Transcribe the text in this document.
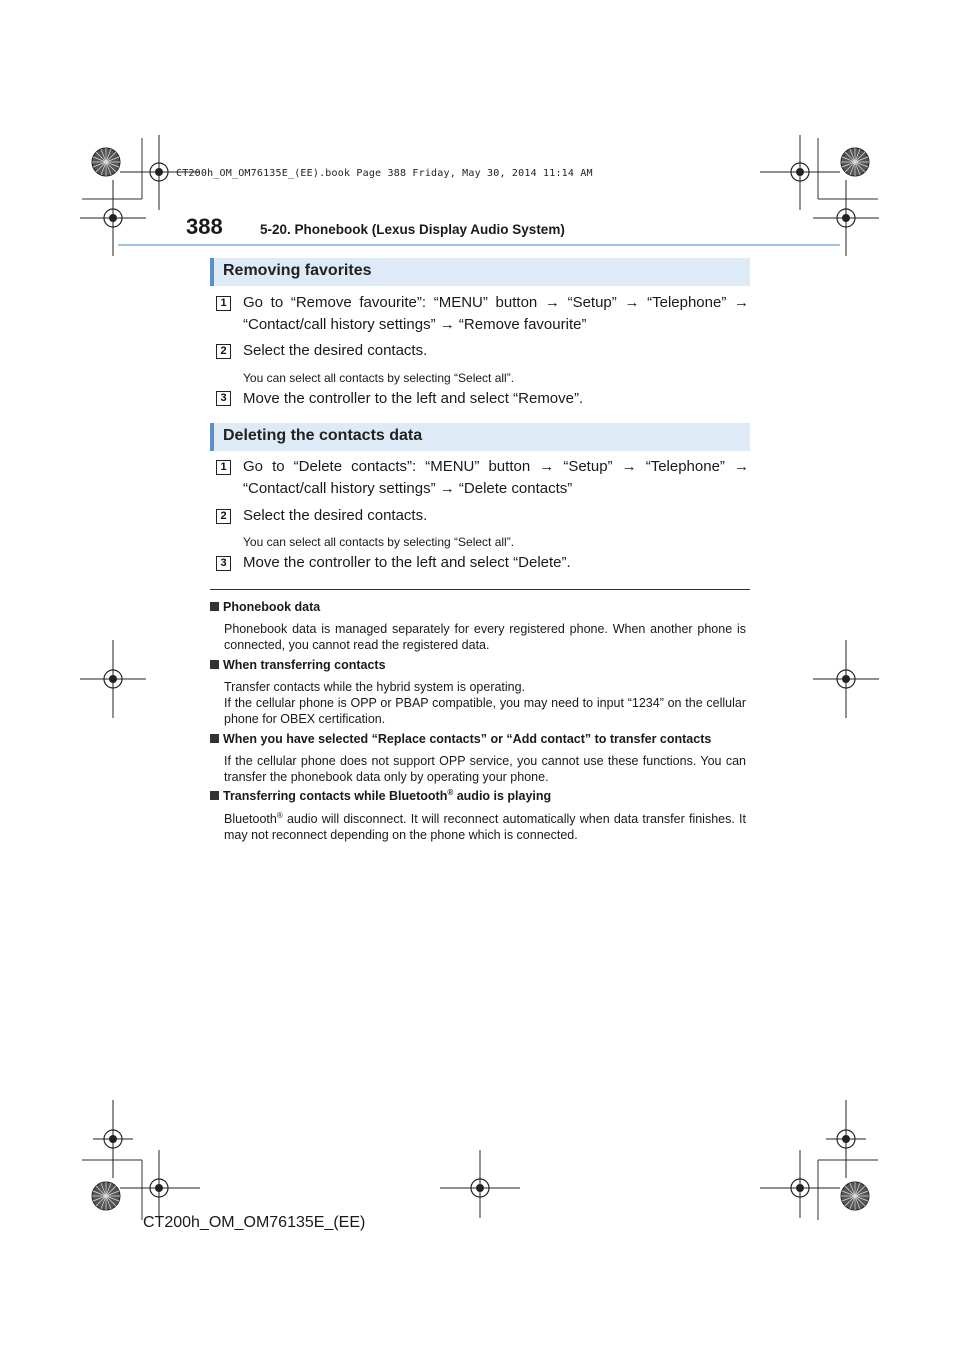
CT200h_OM_OM76135E_(EE).book Page 388 Friday, May 30, 2014 11:14 AM
388	5-20. Phonebook (Lexus Display Audio System)
Removing favorites
1 Go to “Remove favourite”: “MENU” button → “Setup” → “Telephone” → “Contact/call history settings” → “Remove favourite”
2 Select the desired contacts.
You can select all contacts by selecting “Select all”.
3 Move the controller to the left and select “Remove”.
Deleting the contacts data
1 Go to “Delete contacts”: “MENU” button → “Setup” → “Telephone” → “Contact/call history settings” → “Delete contacts”
2 Select the desired contacts.
You can select all contacts by selecting “Select all”.
3 Move the controller to the left and select “Delete”.
Phonebook data
Phonebook data is managed separately for every registered phone. When another phone is connected, you cannot read the registered data.
When transferring contacts
Transfer contacts while the hybrid system is operating.
If the cellular phone is OPP or PBAP compatible, you may need to input “1234” on the cellular phone for OBEX certification.
When you have selected “Replace contacts” or “Add contact” to transfer contacts
If the cellular phone does not support OPP service, you cannot use these functions. You can transfer the phonebook data only by operating your phone.
Transferring contacts while Bluetooth® audio is playing
Bluetooth® audio will disconnect. It will reconnect automatically when data transfer finishes. It may not reconnect depending on the phone which is connected.
CT200h_OM_OM76135E_(EE)
